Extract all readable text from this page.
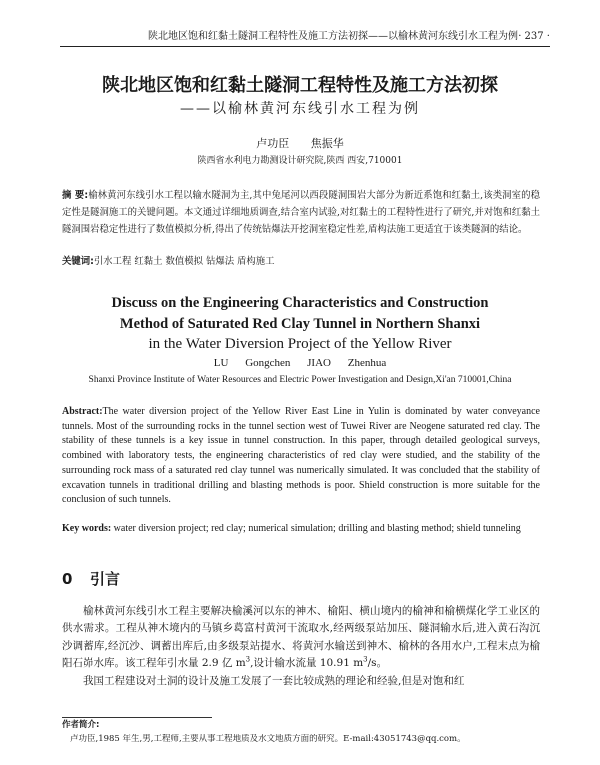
陕北地区饱和红黏土隧洞工程特性及施工方法初探——以榆林黄河东线引水工程为例 · 237 ·
陕北地区饱和红黏土隧洞工程特性及施工方法初探
——以榆林黄河东线引水工程为例
卢功臣 焦振华
陕西省水利电力勘测设计研究院,陕西 西安,710001
摘 要:榆林黄河东线引水工程以输水隧洞为主,其中兔尾河以西段隧洞围岩大部分为新近系饱和红黏土,该类洞室的稳定性是隧洞施工的关键问题。本文通过详细地质调查,结合室内试验,对红黏土的工程特性进行了研究,并对饱和红黏土隧洞围岩稳定性进行了数值模拟分析,得出了传统钻爆法开挖洞室稳定性差,盾构法施工更适宜于该类隧洞的结论。
关键词:引水工程 红黏土 数值模拟 钻爆法 盾构施工
Discuss on the Engineering Characteristics and Construction
Method of Saturated Red Clay Tunnel in Northern Shanxi
in the Water Diversion Project of the Yellow River
LU Gongchen JIAO Zhenhua
Shanxi Province Institute of Water Resources and Electric Power Investigation and Design,Xi'an 710001,China
Abstract:The water diversion project of the Yellow River East Line in Yulin is dominated by water conveyance tunnels. Most of the surrounding rocks in the tunnel section west of Tuwei River are Neogene saturated red clay. The stability of these tunnels is a key issue in tunnel construction. In this paper, through detailed geological surveys, combined with laboratory tests, the engineering characteristics of red clay were studied, and the stability of the surrounding rock mass of a saturated red clay tunnel was numerically simulated. It was concluded that the stability of excavation tunnels in traditional drilling and blasting methods is poor. Shield construction is more suitable for the conclusion of such tunnels.
Key words: water diversion project; red clay; numerical simulation; drilling and blasting method; shield tunneling
0 引言

榆林黄河东线引水工程主要解决榆溪河以东的神木、榆阳、横山境内的榆神和榆横煤化学工业区的供水需求。工程从神木境内的马镇乡葛富村黄河干流取水,经两级泵站加压、隧洞输水后,进入黄石沟沉沙调蓄库,经沉沙、调蓄出库后,由多级泵站提水、将黄河水输送到神木、榆林的各用水户,工程末点为榆阳石峁水库。该工程年引水量 2.9 亿 $m^3$,设计输水流量 10.91 $m^3/s$。

我国工程建设对土洞的设计及施工发展了一套比较成熟的理论和经验,但是对饱和红

作者简介:
卢功臣,1985 年生,男,工程师,主要从事工程地质及水文地质方面的研究。E-mail:43051743@qq.com。
